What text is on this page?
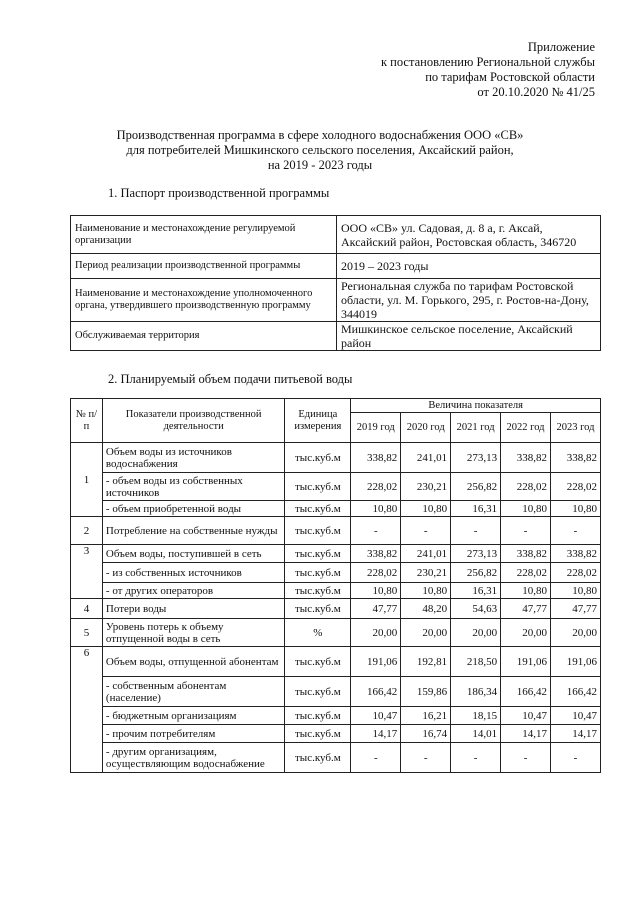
Приложение
к постановлению Региональной службы
по тарифам Ростовской области
от 20.10.2020 № 41/25
Производственная программа в сфере холодного водоснабжения ООО «СВ»
для потребителей Мишкинского сельского поселения, Аксайский район,
на 2019 - 2023 годы
1. Паспорт производственной программы
Наименование и местонахождение регулируемой организации	ООО «СВ» ул. Садовая, д. 8 а, г. Аксай, Аксайский район, Ростовская область, 346720
Период реализации производственной программы	2019 – 2023 годы
Наименование и местонахождение уполномоченного органа, утвердившего производственную программу	Региональная служба по тарифам Ростовской области, ул. М. Горького, 295, г. Ростов-на-Дону, 344019
Обслуживаемая территория	Мишкинское сельское поселение, Аксайский район
2. Планируемый объем подачи питьевой воды
№ п/п	Показатели производственной деятельности	Единица измерения	Величина показателя				
			2019 год	2020 год	2021 год	2022 год	2023 год
1	Объем воды из источников водоснабжения	тыс.куб.м	338,82	241,01	273,13	338,82	338,82
	- объем воды из собственных источников	тыс.куб.м	228,02	230,21	256,82	228,02	228,02
	- объем приобретенной воды	тыс.куб.м	10,80	10,80	16,31	10,80	10,80
2	Потребление на собственные нужды	тыс.куб.м	-	-	-	-	-
3	Объем воды, поступившей в сеть	тыс.куб.м	338,82	241,01	273,13	338,82	338,82
	- из собственных источников	тыс.куб.м	228,02	230,21	256,82	228,02	228,02
	- от других операторов	тыс.куб.м	10,80	10,80	16,31	10,80	10,80
4	Потери воды	тыс.куб.м	47,77	48,20	54,63	47,77	47,77
5	Уровень потерь к объему отпущенной воды в сеть	%	20,00	20,00	20,00	20,00	20,00
6	Объем воды, отпущенной абонентам	тыс.куб.м	191,06	192,81	218,50	191,06	191,06
	- собственным абонентам (население)	тыс.куб.м	166,42	159,86	186,34	166,42	166,42
	- бюджетным организациям	тыс.куб.м	10,47	16,21	18,15	10,47	10,47
	- прочим потребителям	тыс.куб.м	14,17	16,74	14,01	14,17	14,17
	- другим организациям, осуществляющим водоснабжение	тыс.куб.м	-	-	-	-	-
